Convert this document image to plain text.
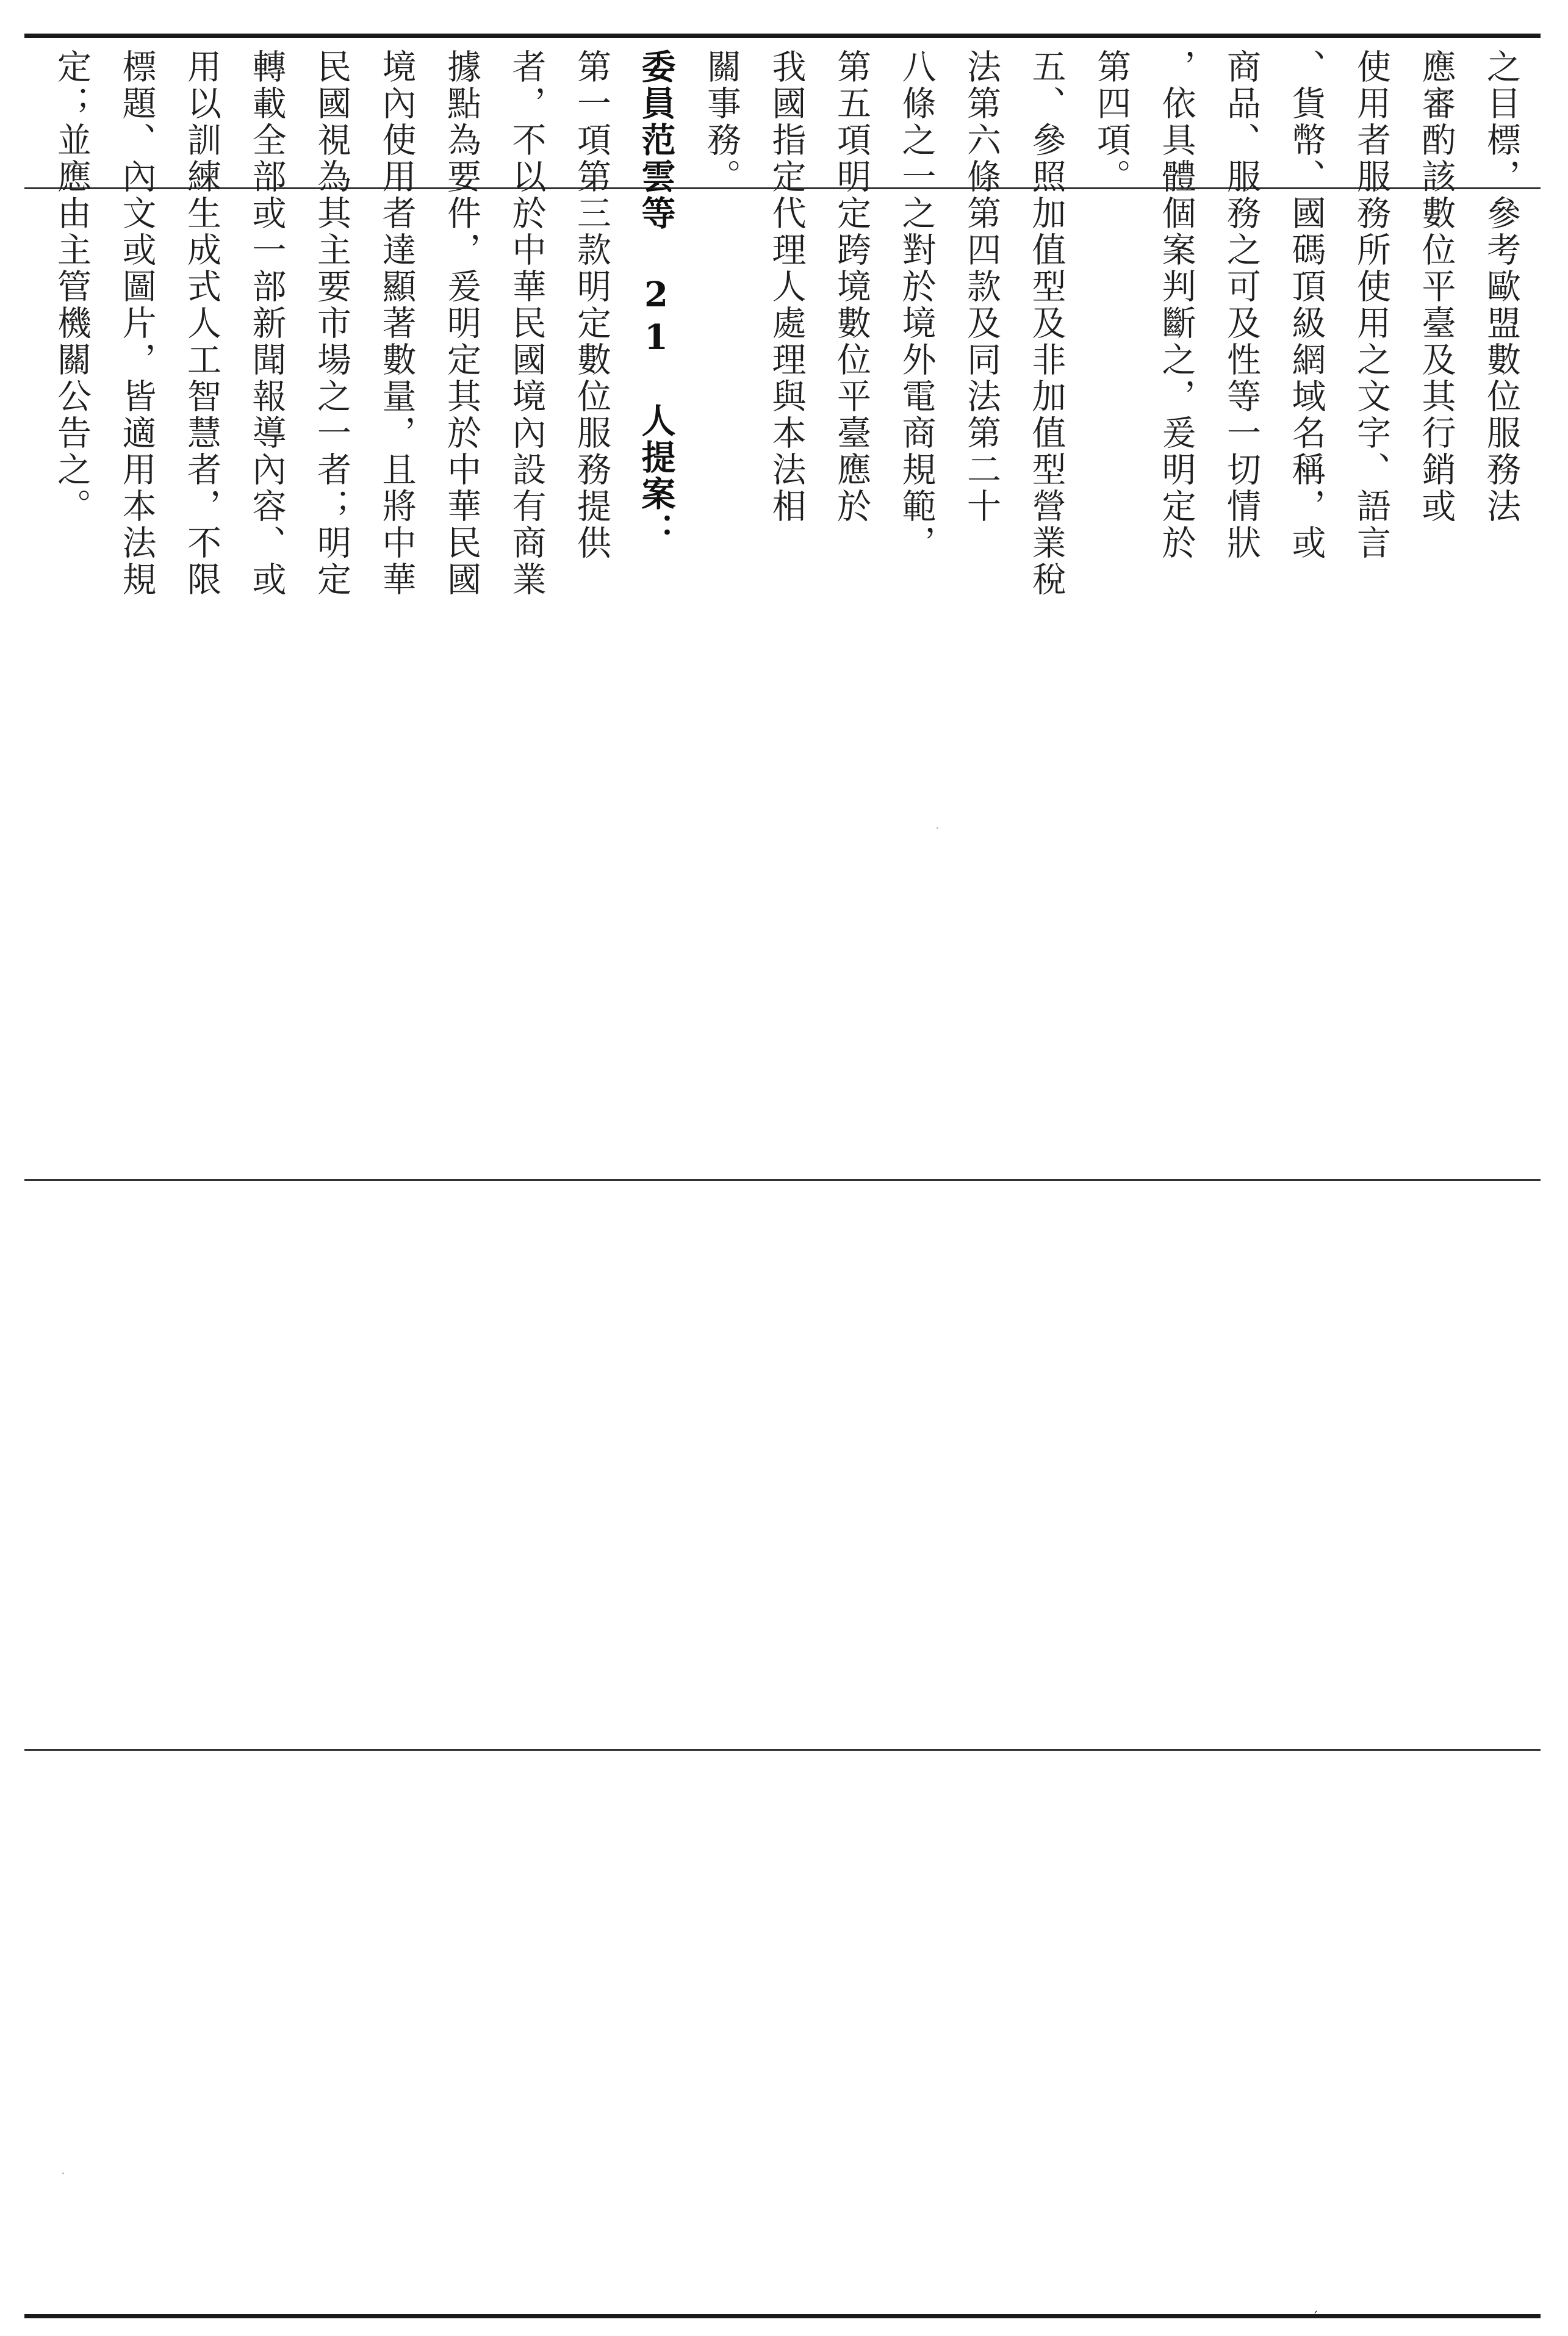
之目標，參考歐盟數位服務法
應審酌該數位平臺及其行銷或
使用者服務所使用之文字、語言
、貨幣、國碼頂級網域名稱，或
商品、服務之可及性等一切情狀
，依具體個案判斷之，爰明定於
第四項。
五、參照加值型及非加值型營業稅
法第六條第四款及同法第二十
八條之一之對於境外電商規範，
第五項明定跨境數位平臺應於
我國指定代理人處理與本法相
關事務。
委員范雲等 21 人提案：
第一項第三款明定數位服務提供
者，不以於中華民國境內設有商業
據點為要件，爰明定其於中華民國
境內使用者達顯著數量，且將中華
民國視為其主要市場之一者；明定
轉載全部或一部新聞報導內容、或
用以訓練生成式人工智慧者，不限
標題、內文或圖片，皆適用本法規
定；並應由主管機關公告之。
´
